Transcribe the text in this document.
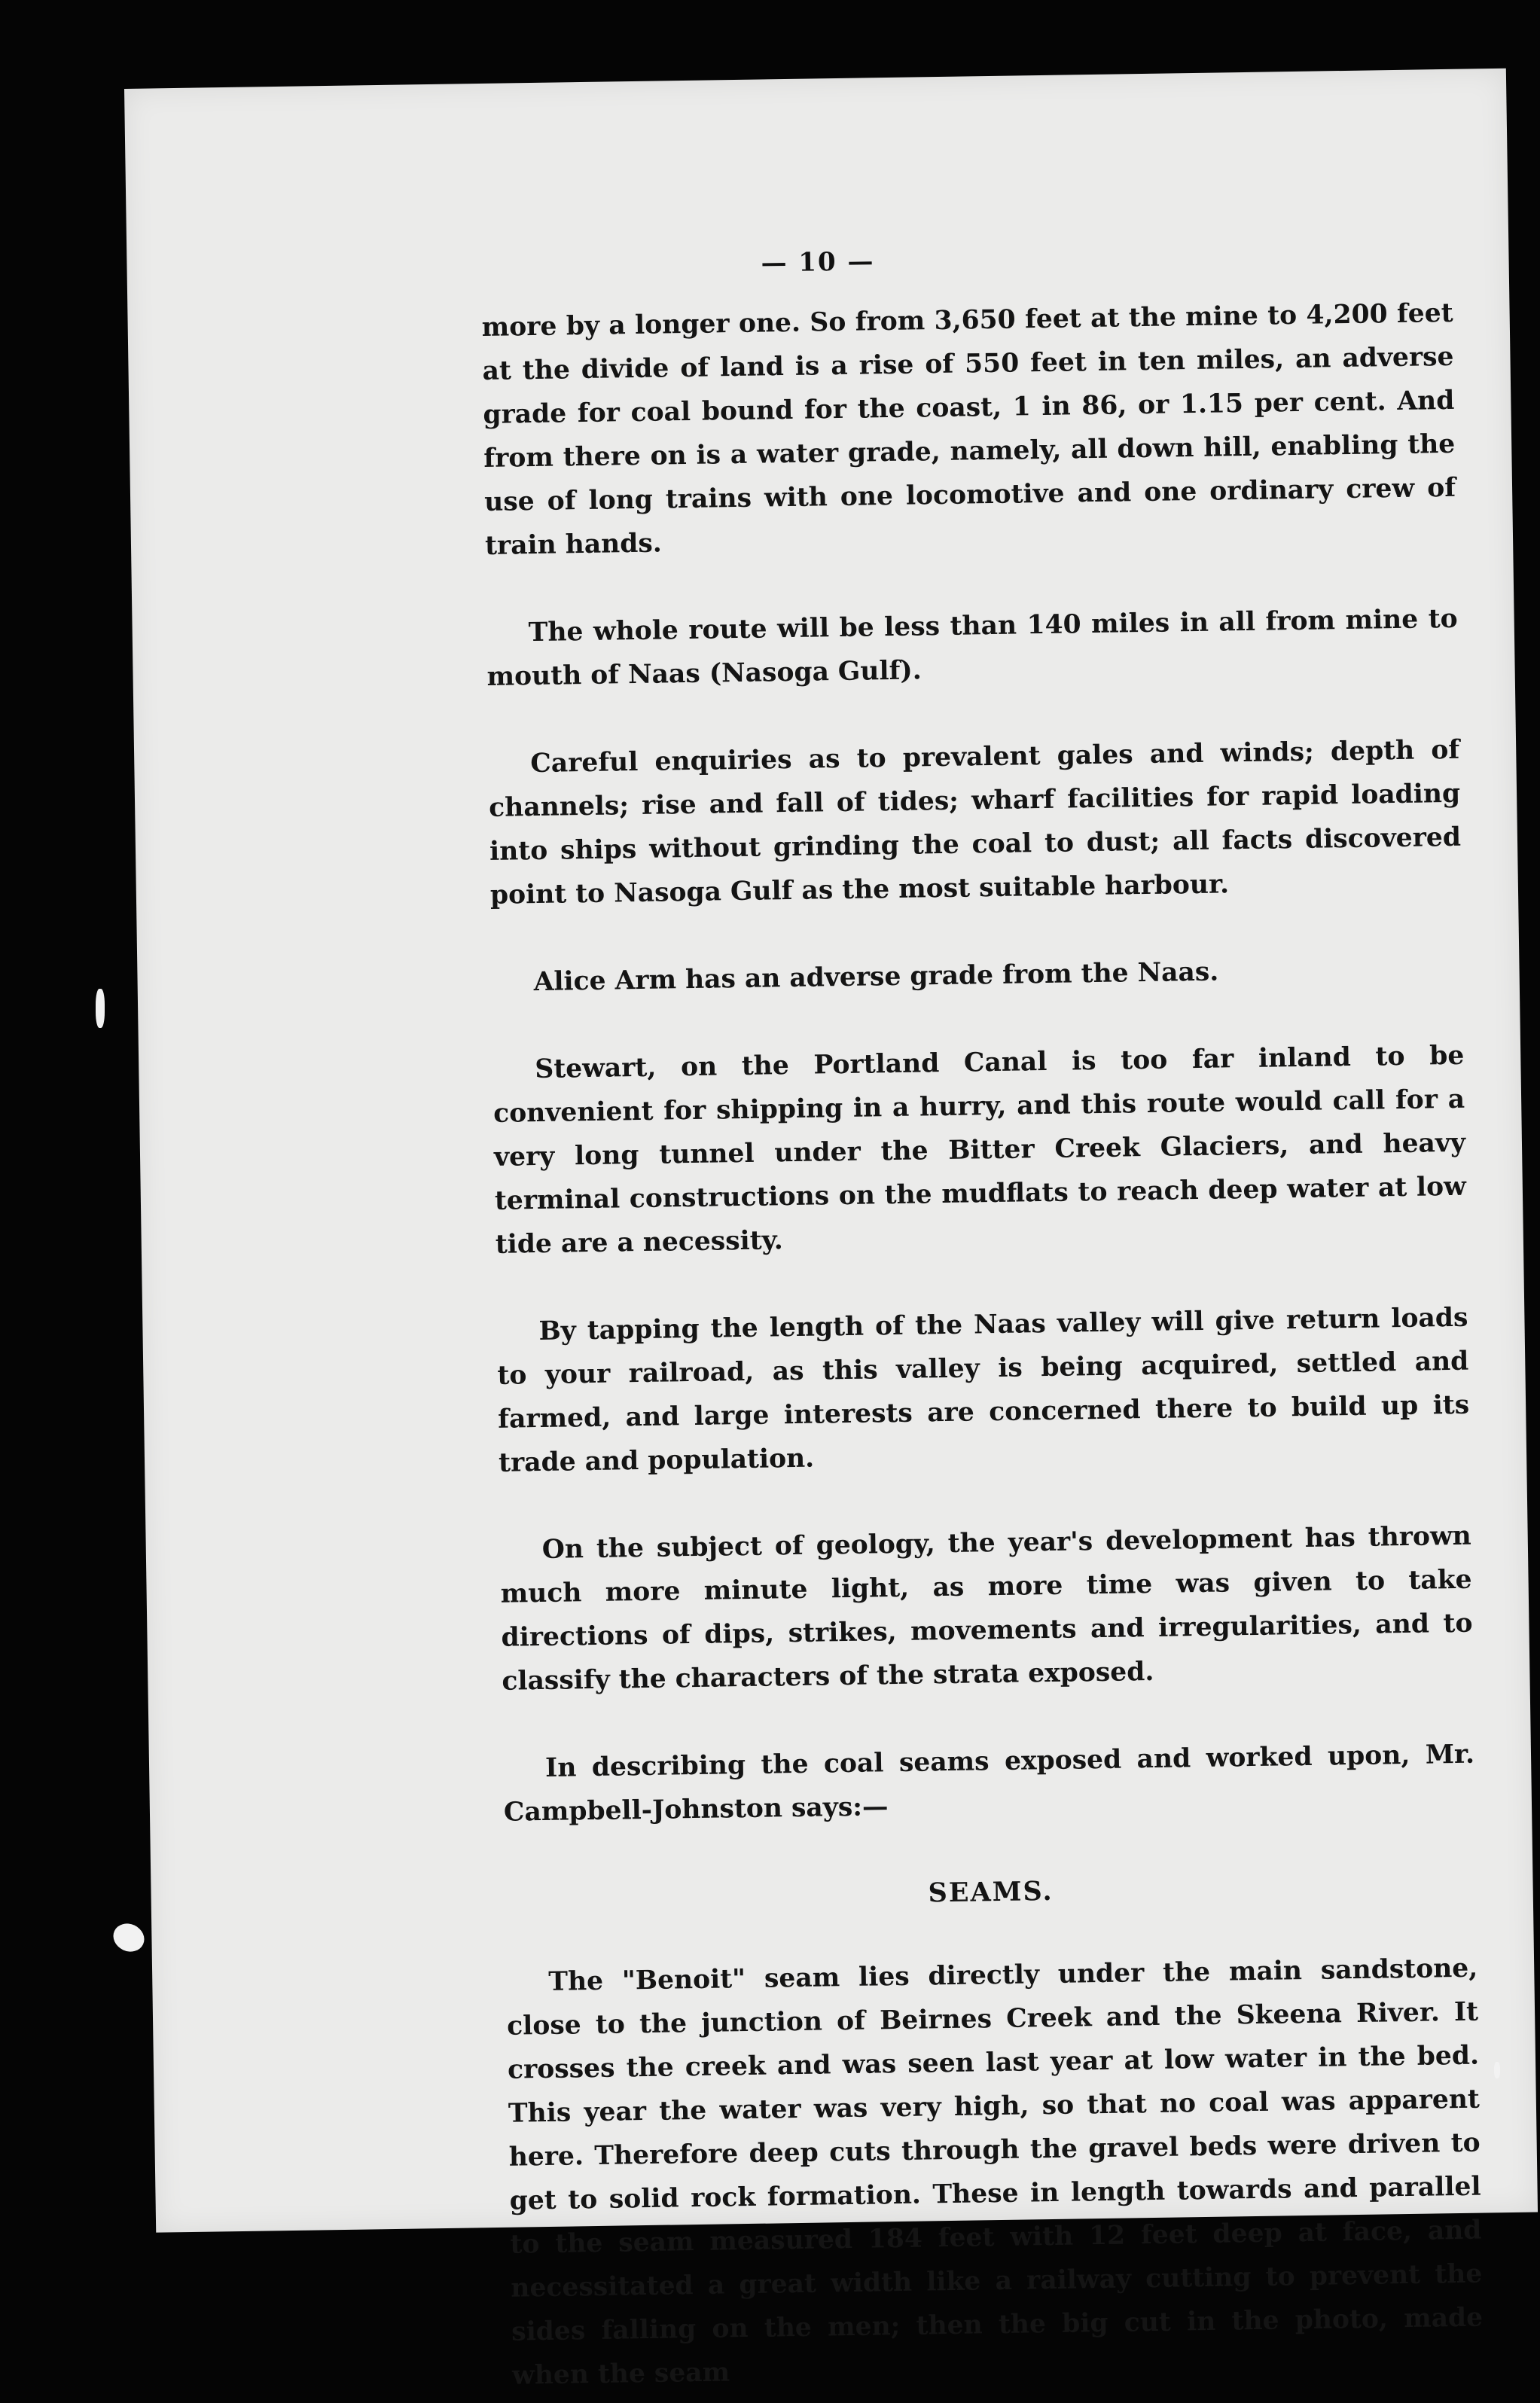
— 10 —

more by a longer one. So from 3,650 feet at the mine to 4,200 feet at the divide of land is a rise of 550 feet in ten miles, an adverse grade for coal bound for the coast, 1 in 86, or 1.15 per cent. And from there on is a water grade, namely, all down hill, enabling the use of long trains with one locomotive and one ordinary crew of train hands.

The whole route will be less than 140 miles in all from mine to mouth of Naas (Nasoga Gulf).

Careful enquiries as to prevalent gales and winds; depth of channels; rise and fall of tides; wharf facilities for rapid loading into ships without grinding the coal to dust; all facts discovered point to Nasoga Gulf as the most suitable harbour.

Alice Arm has an adverse grade from the Naas.

Stewart, on the Portland Canal is too far inland to be convenient for shipping in a hurry, and this route would call for a very long tunnel under the Bitter Creek Glaciers, and heavy terminal constructions on the mudflats to reach deep water at low tide are a necessity.

By tapping the length of the Naas valley will give return loads to your railroad, as this valley is being acquired, settled and farmed, and large interests are concerned there to build up its trade and population.

On the subject of geology, the year's development has thrown much more minute light, as more time was given to take directions of dips, strikes, movements and irregularities, and to classify the characters of the strata exposed.

In describing the coal seams exposed and worked upon, Mr. Campbell-Johnston says:—

SEAMS.

The "Benoit" seam lies directly under the main sandstone, close to the junction of Beirnes Creek and the Skeena River. It crosses the creek and was seen last year at low water in the bed. This year the water was very high, so that no coal was apparent here. Therefore deep cuts through the gravel beds were driven to get to solid rock formation. These in length towards and parallel to the seam measured 184 feet with 12 feet deep at face, and necessitated a great width like a railway cutting to prevent the sides falling on the men; then the big cut in the photo, made when the seam
